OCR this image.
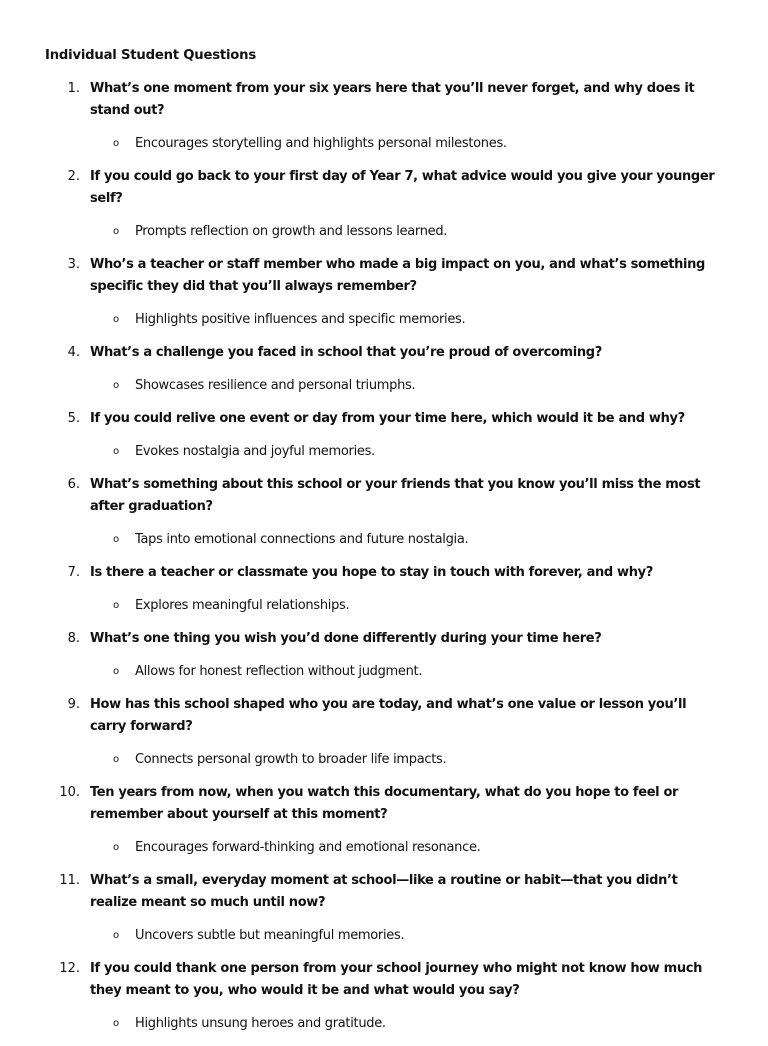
Individual Student Questions
1. What’s one moment from your six years here that you’ll never forget, and why does it stand out?
o Encourages storytelling and highlights personal milestones.
2. If you could go back to your first day of Year 7, what advice would you give your younger self?
o Prompts reflection on growth and lessons learned.
3. Who’s a teacher or staff member who made a big impact on you, and what’s something specific they did that you’ll always remember?
o Highlights positive influences and specific memories.
4. What’s a challenge you faced in school that you’re proud of overcoming?
o Showcases resilience and personal triumphs.
5. If you could relive one event or day from your time here, which would it be and why?
o Evokes nostalgia and joyful memories.
6. What’s something about this school or your friends that you know you’ll miss the most after graduation?
o Taps into emotional connections and future nostalgia.
7. Is there a teacher or classmate you hope to stay in touch with forever, and why?
o Explores meaningful relationships.
8. What’s one thing you wish you’d done differently during your time here?
o Allows for honest reflection without judgment.
9. How has this school shaped who you are today, and what’s one value or lesson you’ll carry forward?
o Connects personal growth to broader life impacts.
10. Ten years from now, when you watch this documentary, what do you hope to feel or remember about yourself at this moment?
o Encourages forward-thinking and emotional resonance.
11. What’s a small, everyday moment at school—like a routine or habit—that you didn’t realize meant so much until now?
o Uncovers subtle but meaningful memories.
12. If you could thank one person from your school journey who might not know how much they meant to you, who would it be and what would you say?
o Highlights unsung heroes and gratitude.
